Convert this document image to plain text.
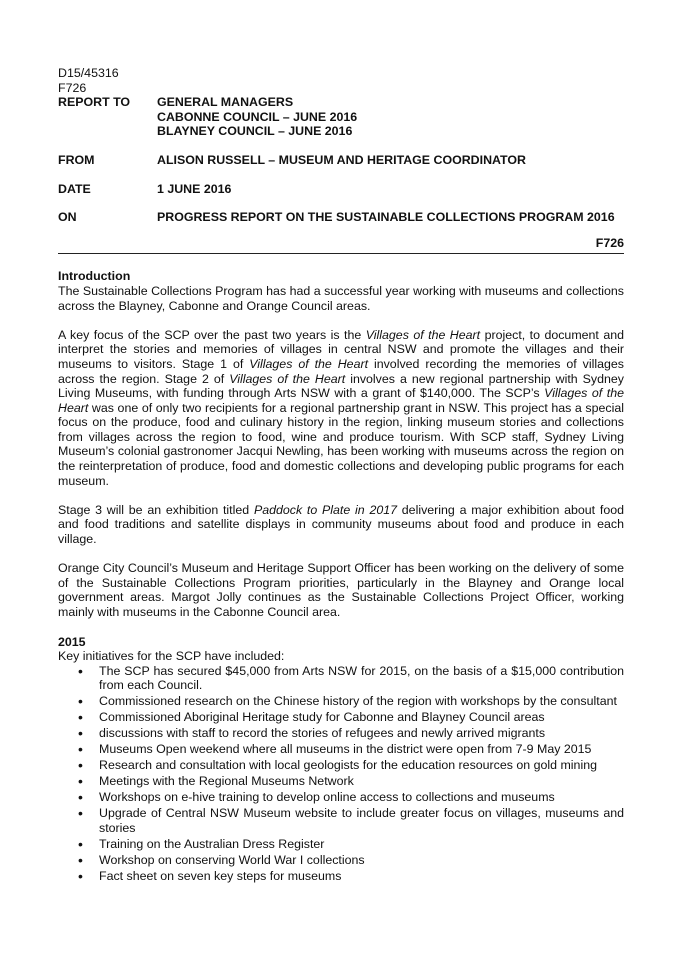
D15/45316
F726
REPORT TO	GENERAL MANAGERS
CABONNE COUNCIL – JUNE 2016
BLAYNEY COUNCIL – JUNE 2016

FROM	ALISON RUSSELL – MUSEUM AND HERITAGE COORDINATOR

DATE	1 JUNE 2016

ON	PROGRESS REPORT ON THE SUSTAINABLE COLLECTIONS PROGRAM 2016
F726
Introduction

The Sustainable Collections Program has had a successful year working with museums and collections across the Blayney, Cabonne and Orange Council areas.

A key focus of the SCP over the past two years is the Villages of the Heart project, to document and interpret the stories and memories of villages in central NSW and promote the villages and their museums to visitors. Stage 1 of Villages of the Heart involved recording the memories of villages across the region. Stage 2 of Villages of the Heart involves a new regional partnership with Sydney Living Museums, with funding through Arts NSW with a grant of $140,000. The SCP’s Villages of the Heart was one of only two recipients for a regional partnership grant in NSW. This project has a special focus on the produce, food and culinary history in the region, linking museum stories and collections from villages across the region to food, wine and produce tourism. With SCP staff, Sydney Living Museum’s colonial gastronomer Jacqui Newling, has been working with museums across the region on the reinterpretation of produce, food and domestic collections and developing public programs for each museum.

Stage 3 will be an exhibition titled Paddock to Plate in 2017 delivering a major exhibition about food and food traditions and satellite displays in community museums about food and produce in each village.

Orange City Council’s Museum and Heritage Support Officer has been working on the delivery of some of the Sustainable Collections Program priorities, particularly in the Blayney and Orange local government areas. Margot Jolly continues as the Sustainable Collections Project Officer, working mainly with museums in the Cabonne Council area.

2015
Key initiatives for the SCP have included:
• The SCP has secured $45,000 from Arts NSW for 2015, on the basis of a $15,000 contribution from each Council.
• Commissioned research on the Chinese history of the region with workshops by the consultant
• Commissioned Aboriginal Heritage study for Cabonne and Blayney Council areas
• discussions with staff to record the stories of refugees and newly arrived migrants
• Museums Open weekend where all museums in the district were open from 7-9 May 2015
• Research and consultation with local geologists for the education resources on gold mining
• Meetings with the Regional Museums Network
• Workshops on e-hive training to develop online access to collections and museums
• Upgrade of Central NSW Museum website to include greater focus on villages, museums and stories
• Training on the Australian Dress Register
• Workshop on conserving World War I collections
• Fact sheet on seven key steps for museums
